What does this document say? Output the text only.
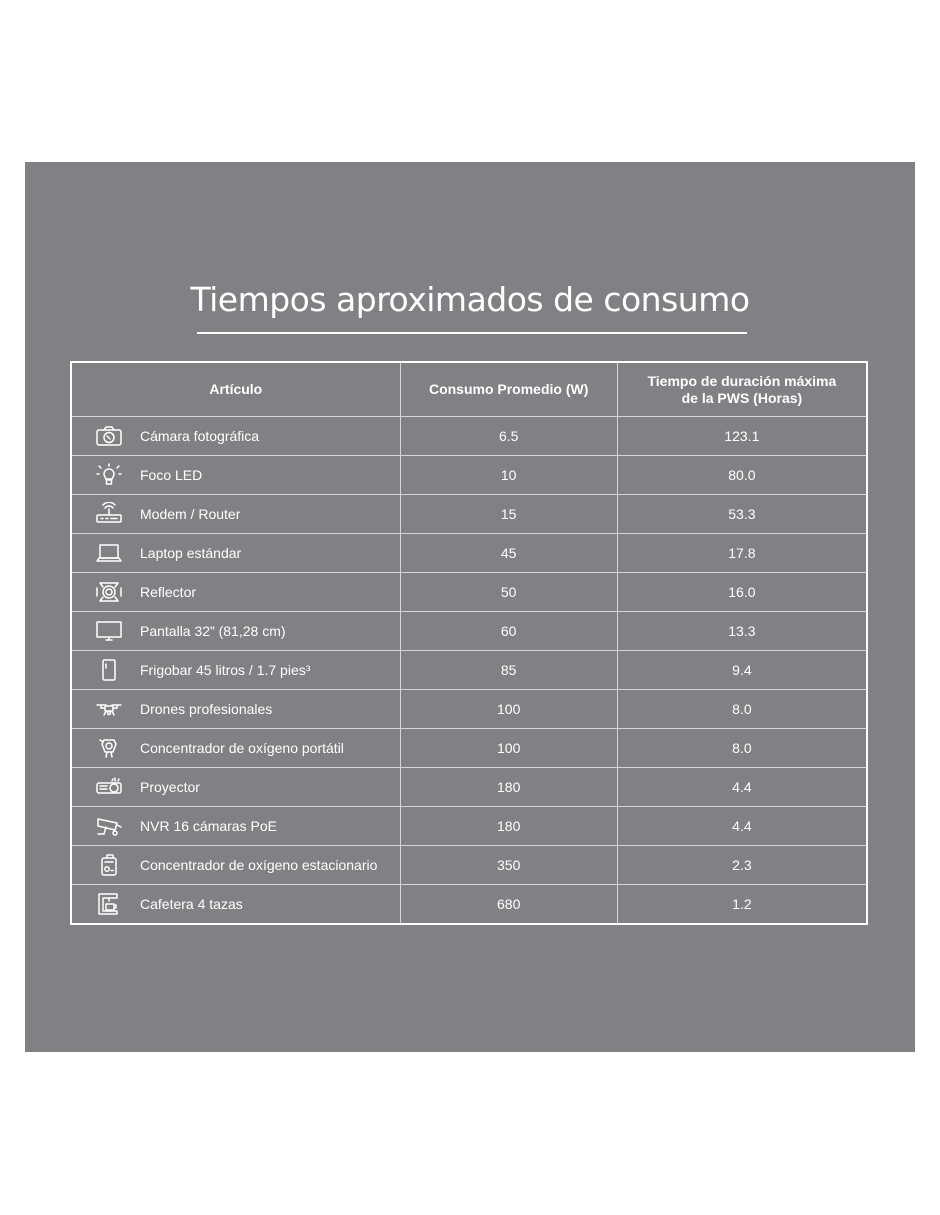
Tiempos aproximados de consumo
Artículo	Consumo Promedio (W)	Tiempo de duración máxima de la PWS (Horas)

Cámara fotográfica	6.5	123.1

Foco LED	10	80.0

Modem / Router	15	53.3

Laptop estándar	45	17.8

Reflector	50	16.0

Pantalla 32” (81,28 cm)	60	13.3

Frigobar 45 litros / 1.7 pies³	85	9.4

Drones profesionales	100	8.0

Concentrador de oxígeno portátil	100	8.0

Proyector	180	4.4

NVR 16 cámaras PoE	180	4.4

Concentrador de oxígeno estacionario	350	2.3

Cafetera 4 tazas	680	1.2
